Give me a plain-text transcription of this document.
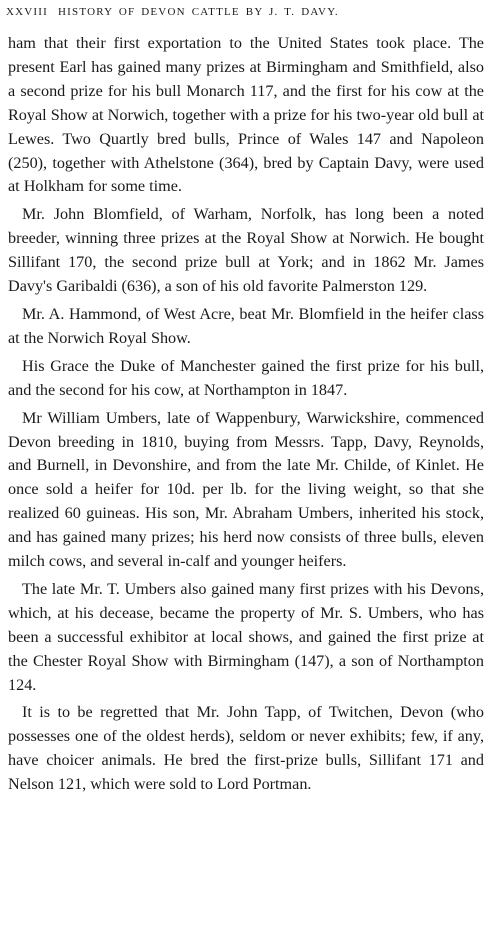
XXVIII HISTORY OF DEVON CATTLE BY J. T. DAVY.

ham that their first exportation to the United States took place. The present Earl has gained many prizes at Birmingham and Smithfield, also a second prize for his bull Monarch 117, and the first for his cow at the Royal Show at Norwich, together with a prize for his two-year old bull at Lewes. Two Quartly bred bulls, Prince of Wales 147 and Napoleon (250), together with Athelstone (364), bred by Captain Davy, were used at Holkham for some time.

Mr. John Blomfield, of Warham, Norfolk, has long been a noted breeder, winning three prizes at the Royal Show at Norwich. He bought Sillifant 170, the second prize bull at York; and in 1862 Mr. James Davy's Garibaldi (636), a son of his old favorite Palmerston 129.

Mr. A. Hammond, of West Acre, beat Mr. Blomfield in the heifer class at the Norwich Royal Show.

His Grace the Duke of Manchester gained the first prize for his bull, and the second for his cow, at Northampton in 1847.

Mr William Umbers, late of Wappenbury, Warwickshire, commenced Devon breeding in 1810, buying from Messrs. Tapp, Davy, Reynolds, and Burnell, in Devonshire, and from the late Mr. Childe, of Kinlet. He once sold a heifer for 10d. per lb. for the living weight, so that she realized 60 guineas. His son, Mr. Abraham Umbers, inherited his stock, and has gained many prizes; his herd now consists of three bulls, eleven milch cows, and several in-calf and younger heifers.

The late Mr. T. Umbers also gained many first prizes with his Devons, which, at his decease, became the property of Mr. S. Umbers, who has been a successful exhibitor at local shows, and gained the first prize at the Chester Royal Show with Birmingham (147), a son of Northampton 124.

It is to be regretted that Mr. John Tapp, of Twitchen, Devon (who possesses one of the oldest herds), seldom or never exhibits; few, if any, have choicer animals. He bred the first-prize bulls, Sillifant 171 and Nelson 121, which were sold to Lord Portman.
